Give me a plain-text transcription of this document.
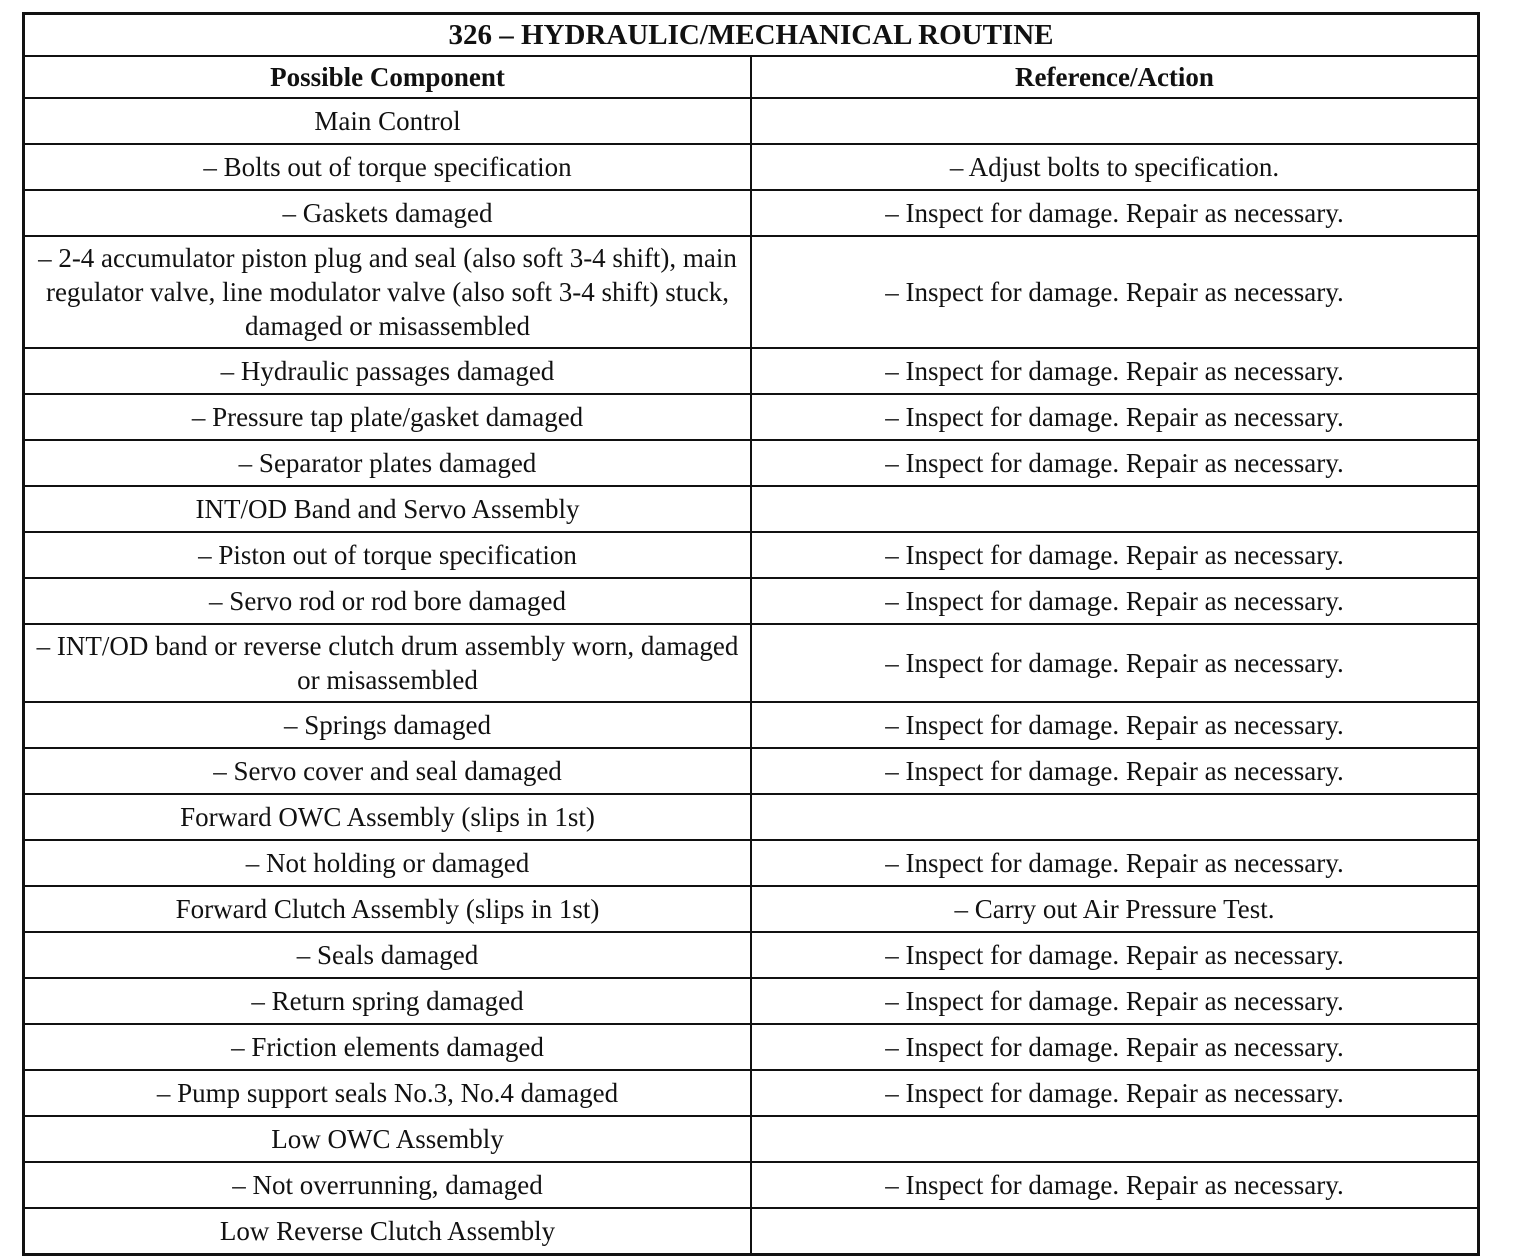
326 – HYDRAULIC/MECHANICAL ROUTINE	
Possible Component	Reference/Action
Main Control	
– Bolts out of torque specification	– Adjust bolts to specification.
– Gaskets damaged	– Inspect for damage. Repair as necessary.
– 2-4 accumulator piston plug and seal (also soft 3-4 shift), main regulator valve, line modulator valve (also soft 3-4 shift) stuck, damaged or misassembled	– Inspect for damage. Repair as necessary.
– Hydraulic passages damaged	– Inspect for damage. Repair as necessary.
– Pressure tap plate/gasket damaged	– Inspect for damage. Repair as necessary.
– Separator plates damaged	– Inspect for damage. Repair as necessary.
INT/OD Band and Servo Assembly	
– Piston out of torque specification	– Inspect for damage. Repair as necessary.
– Servo rod or rod bore damaged	– Inspect for damage. Repair as necessary.
– INT/OD band or reverse clutch drum assembly worn, damaged or misassembled	– Inspect for damage. Repair as necessary.
– Springs damaged	– Inspect for damage. Repair as necessary.
– Servo cover and seal damaged	– Inspect for damage. Repair as necessary.
Forward OWC Assembly (slips in 1st)	
– Not holding or damaged	– Inspect for damage. Repair as necessary.
Forward Clutch Assembly (slips in 1st)	– Carry out Air Pressure Test.
– Seals damaged	– Inspect for damage. Repair as necessary.
– Return spring damaged	– Inspect for damage. Repair as necessary.
– Friction elements damaged	– Inspect for damage. Repair as necessary.
– Pump support seals No.3, No.4 damaged	– Inspect for damage. Repair as necessary.
Low OWC Assembly	
– Not overrunning, damaged	– Inspect for damage. Repair as necessary.
Low Reverse Clutch Assembly	
